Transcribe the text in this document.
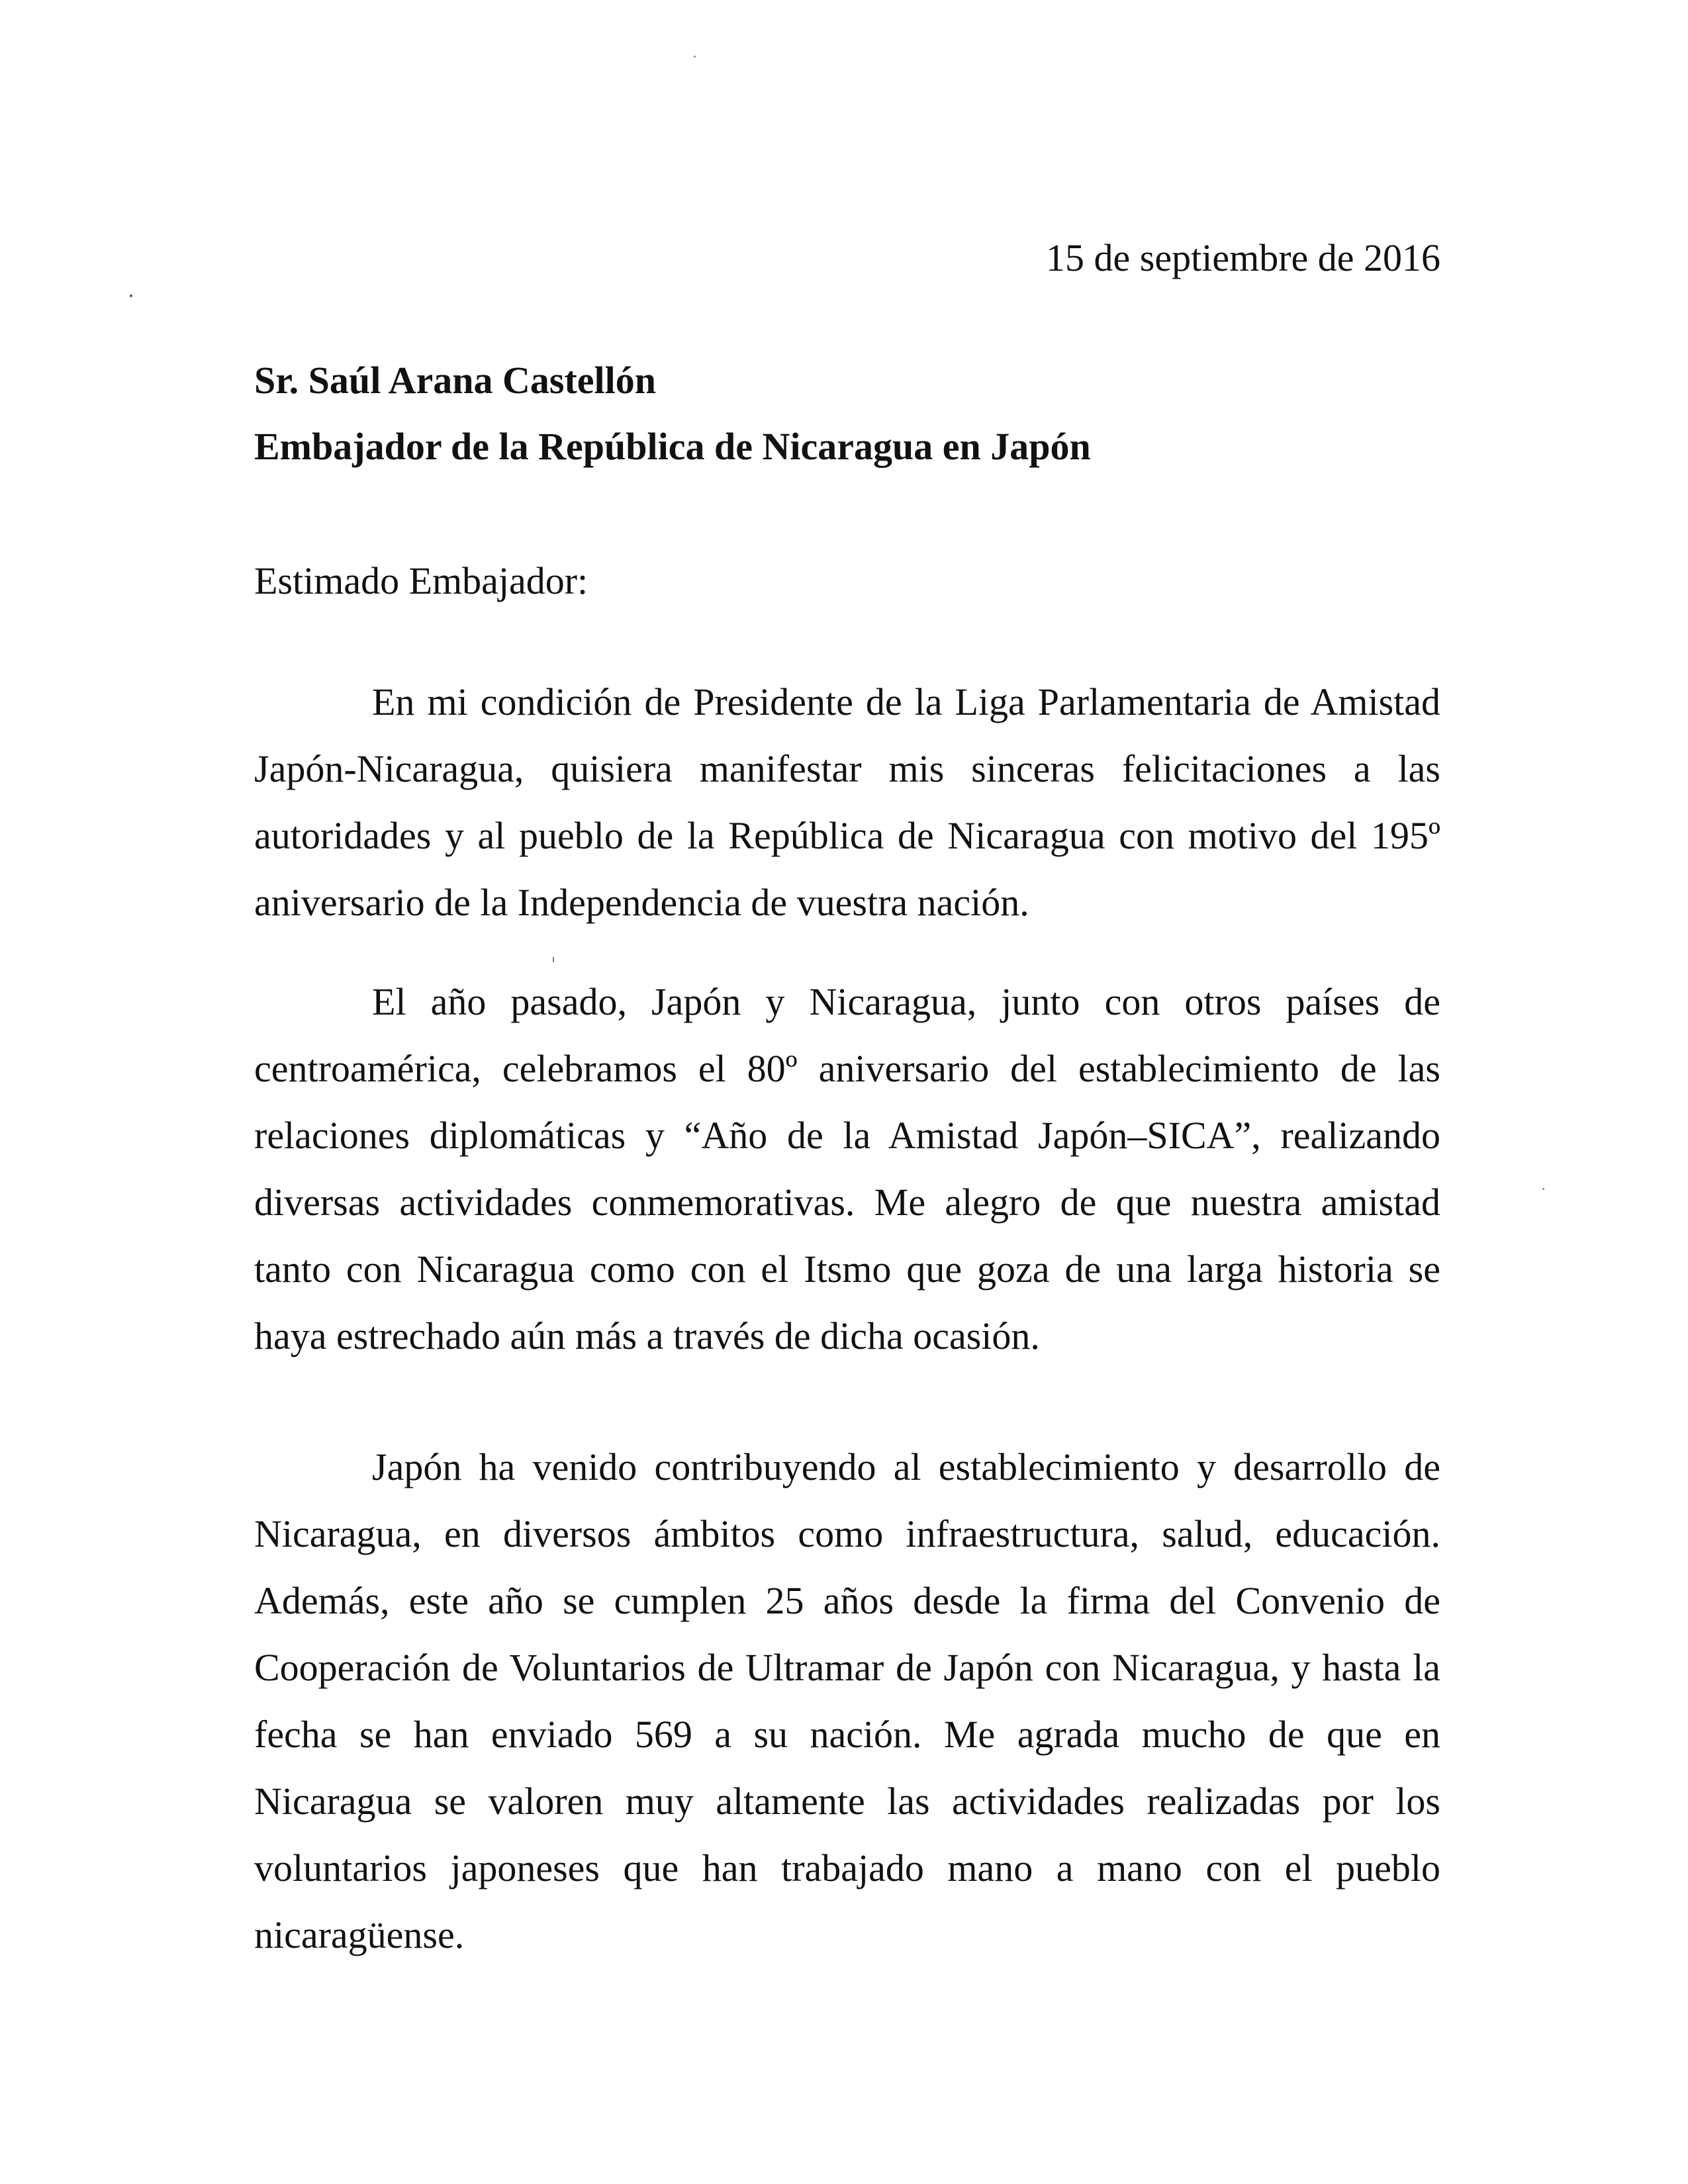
15 de septiembre de 2016
Sr. Saúl Arana Castellón
Embajador de la República de Nicaragua en Japón
Estimado Embajador:

En mi condición de Presidente de la Liga Parlamentaria de Amistad Japón-Nicaragua, quisiera manifestar mis sinceras felicitaciones a las autoridades y al pueblo de la República de Nicaragua con motivo del 195º aniversario de la Independencia de vuestra nación.

El año pasado, Japón y Nicaragua, junto con otros países de centroamérica, celebramos el 80º aniversario del establecimiento de las relaciones diplomáticas y “Año de la Amistad Japón–SICA”, realizando diversas actividades conmemorativas. Me alegro de que nuestra amistad tanto con Nicaragua como con el Itsmo que goza de una larga historia se haya estrechado aún más a través de dicha ocasión.

Japón ha venido contribuyendo al establecimiento y desarrollo de Nicaragua, en diversos ámbitos como infraestructura, salud, educación. Además, este año se cumplen 25 años desde la firma del Convenio de Cooperación de Voluntarios de Ultramar de Japón con Nicaragua, y hasta la fecha se han enviado 569 a su nación. Me agrada mucho de que en Nicaragua se valoren muy altamente las actividades realizadas por los voluntarios japoneses que han trabajado mano a mano con el pueblo nicaragüense.
